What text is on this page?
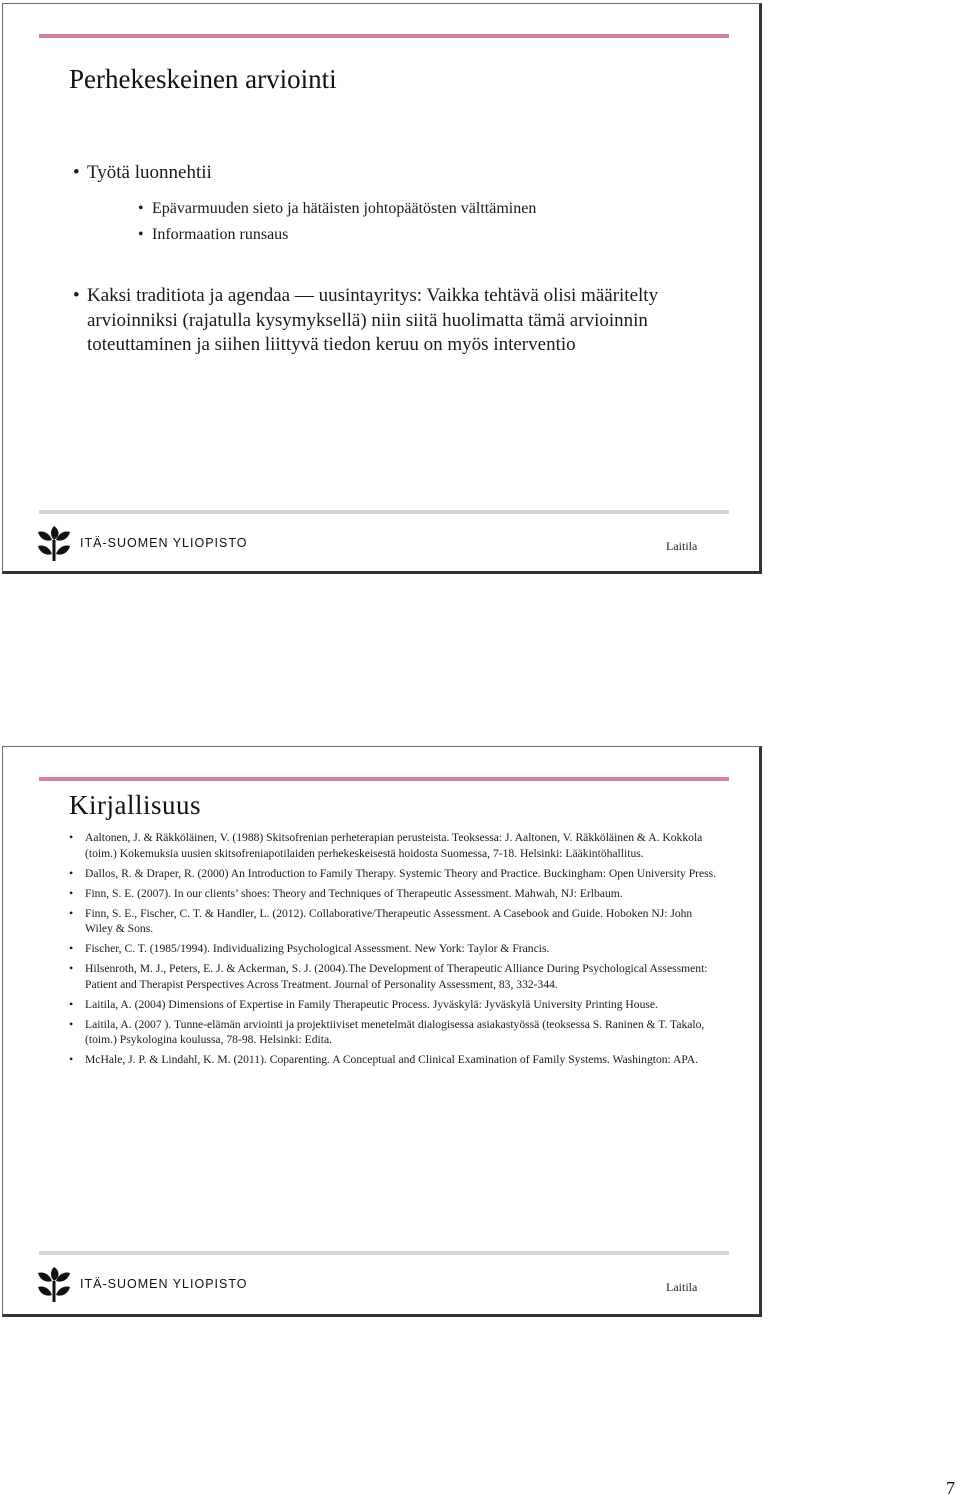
Perhekeskeinen arviointi
• Työtä luonnehtii
• Epävarmuuden sieto ja hätäisten johtopäätösten välttäminen
• Informaation runsaus
• Kaksi traditiota ja agendaa — uusintayritys: Vaikka tehtävä olisi määritelty arvioinniksi (rajatulla kysymyksellä) niin siitä huolimatta tämä arvioinnin toteuttaminen ja siihen liittyvä tiedon keruu on myös interventio
ITÄ-SUOMEN YLIOPISTO	Laitila
Kirjallisuus
• Aaltonen, J. & Räkköläinen, V. (1988) Skitsofrenian perheterapian perusteista. Teoksessa: J. Aaltonen, V. Räkköläinen & A. Kokkola (toim.) Kokemuksia uusien skitsofreniapotilaiden perhekeskeisestä hoidosta Suomessa, 7-18. Helsinki: Lääkintöhallitus.
• Dallos, R. & Draper, R. (2000) An Introduction to Family Therapy. Systemic Theory and Practice. Buckingham: Open University Press.
• Finn, S. E. (2007). In our clients’ shoes: Theory and Techniques of Therapeutic Assessment. Mahwah, NJ: Erlbaum.
• Finn, S. E., Fischer, C. T. & Handler, L. (2012). Collaborative/Therapeutic Assessment. A Casebook and Guide. Hoboken NJ: John Wiley & Sons.
• Fischer, C. T. (1985/1994). Individualizing Psychological Assessment. New York: Taylor & Francis.
• Hilsenroth, M. J., Peters, E. J. & Ackerman, S. J. (2004).The Development of Therapeutic Alliance During Psychological Assessment: Patient and Therapist Perspectives Across Treatment. Journal of Personality Assessment, 83, 332-344.
• Laitila, A. (2004) Dimensions of Expertise in Family Therapeutic Process. Jyväskylä: Jyväskylä University Printing House.
• Laitila, A. (2007 ). Tunne-elämän arviointi ja projektiiviset menetelmät dialogisessa asiakastyössä (teoksessa S. Raninen & T. Takalo, (toim.) Psykologina koulussa, 78-98. Helsinki: Edita.
• McHale, J. P. & Lindahl, K. M. (2011). Coparenting. A Conceptual and Clinical Examination of Family Systems. Washington: APA.
ITÄ-SUOMEN YLIOPISTO	Laitila
7
